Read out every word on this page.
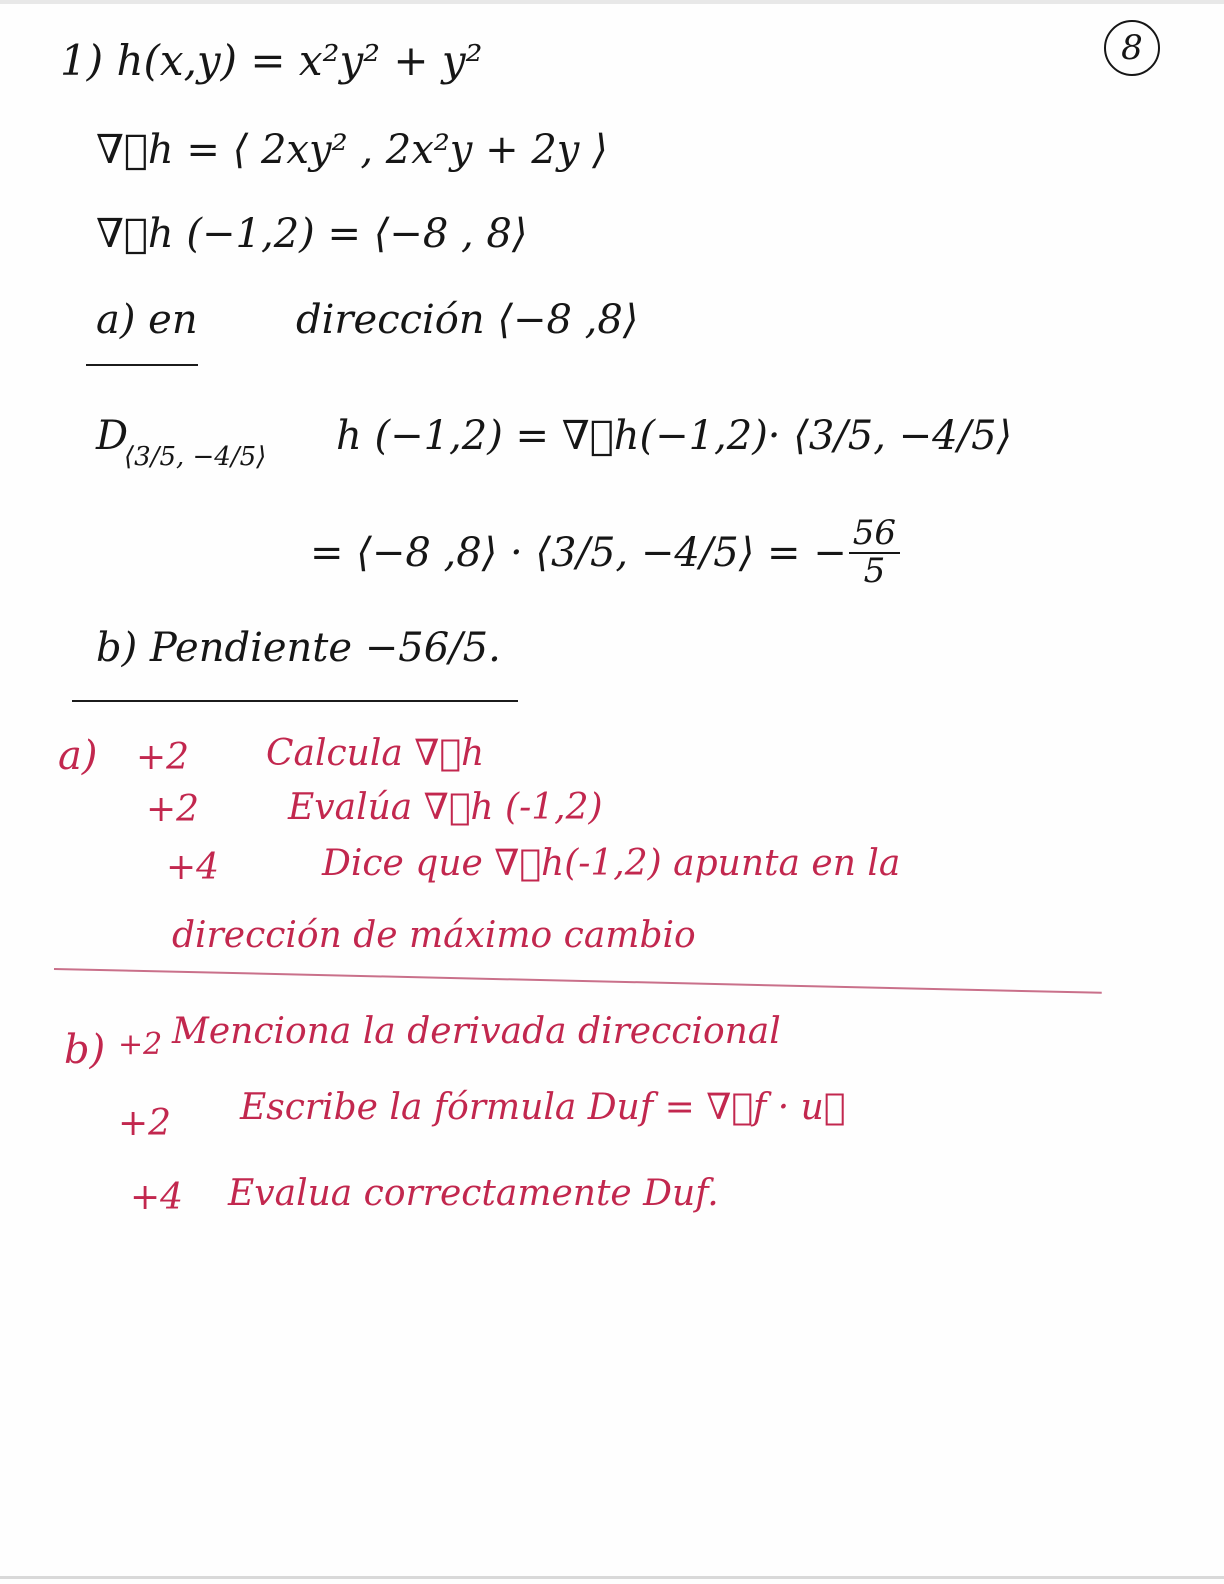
8
1) h(x,y) = x²y² + y²
∇⃗h = ⟨ 2xy² , 2x²y + 2y ⟩
∇⃗h (−1,2) = ⟨−8 , 8⟩
a) en dirección ⟨−8 ,8⟩
D
⟨3/5, −4/5⟩ h (−1,2) = ∇⃗h(−1,2)· ⟨3/5, −4/5⟩
= ⟨−8 ,8⟩ · ⟨3/5, −4/5⟩ = − $\frac{56}{5}$
b) Pendiente −56/5.
a) +2 Calcula ∇⃗h
+2 Evalúa ∇⃗h (-1,2)
+4	Dice que ∇⃗h(-1,2) apunta en la
dirección de máximo cambio
b) +2 Menciona la derivada direccional
+2 Escribe la fórmula Duf = ∇⃗f · u⃗
+4 Evalua correctamente Duf.
